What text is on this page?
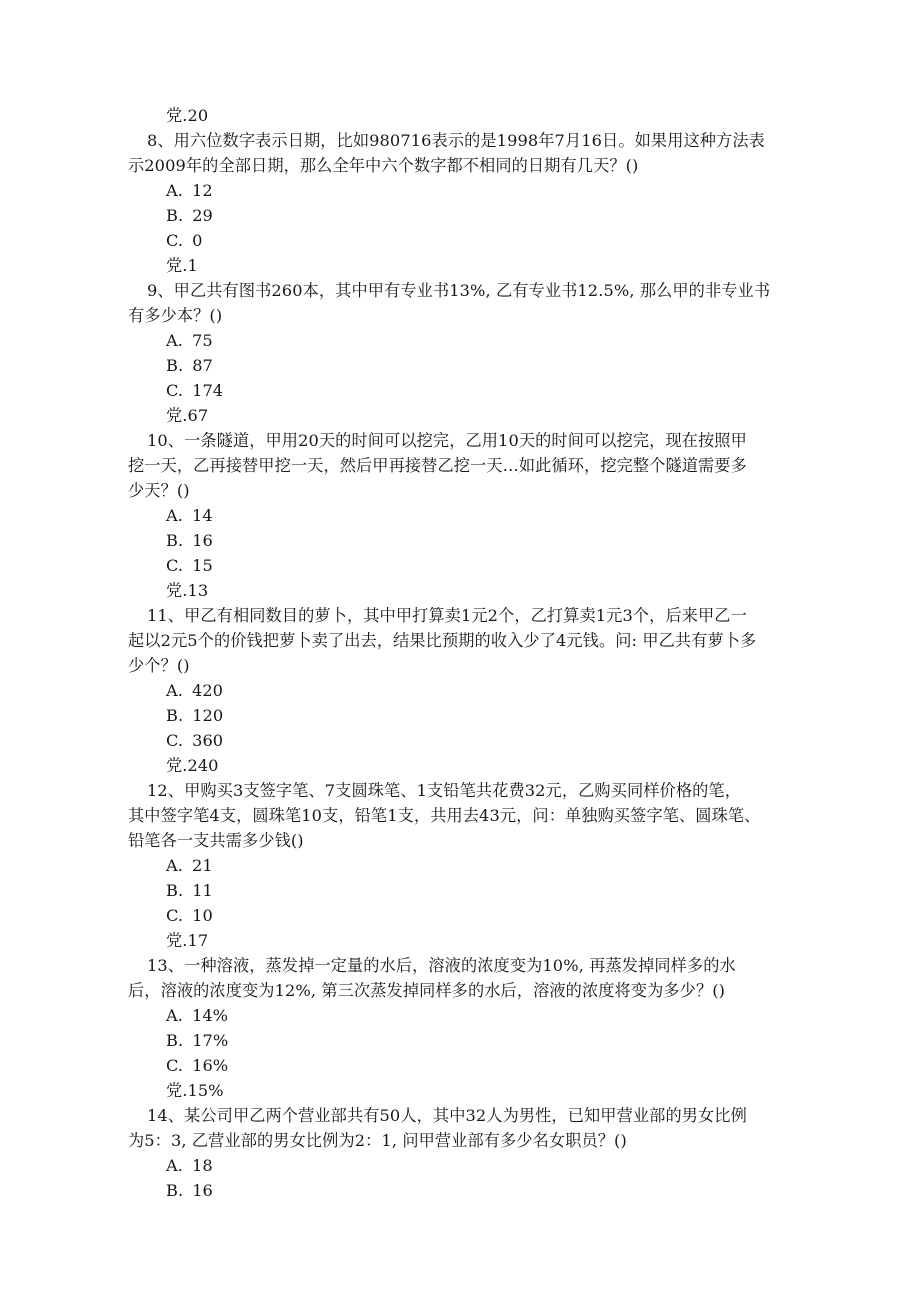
党.20
8、用六位数字表示日期，比如980716表示的是1998年7月16日。如果用这种方法表
示2009年的全部日期，那么全年中六个数字都不相同的日期有几天？()
A. 12
B. 29
C. 0
党.1
9、甲乙共有图书260本，其中甲有专业书13%, 乙有专业书12.5%, 那么甲的非专业书
有多少本？()
A. 75
B. 87
C. 174
党.67
10、一条隧道，甲用20天的时间可以挖完，乙用10天的时间可以挖完，现在按照甲
挖一天，乙再接替甲挖一天，然后甲再接替乙挖一天…如此循环，挖完整个隧道需要多
少天？()
A. 14
B. 16
C. 15
党.13
11、甲乙有相同数目的萝卜，其中甲打算卖1元2个，乙打算卖1元3个，后来甲乙一
起以2元5个的价钱把萝卜卖了出去，结果比预期的收入少了4元钱。问: 甲乙共有萝卜多
少个？()
A. 420
B. 120
C. 360
党.240
12、甲购买3支签字笔、7支圆珠笔、1支铅笔共花费32元，乙购买同样价格的笔，
其中签字笔4支，圆珠笔10支，铅笔1支，共用去43元，问：单独购买签字笔、圆珠笔、
铅笔各一支共需多少钱()
A. 21
B. 11
C. 10
党.17
13、一种溶液，蒸发掉一定量的水后，溶液的浓度变为10%, 再蒸发掉同样多的水
后，溶液的浓度变为12%, 第三次蒸发掉同样多的水后，溶液的浓度将变为多少？()
A. 14%
B. 17%
C. 16%
党.15%
14、某公司甲乙两个营业部共有50人，其中32人为男性，已知甲营业部的男女比例
为5：3, 乙营业部的男女比例为2：1, 问甲营业部有多少名女职员？()
A. 18
B. 16
